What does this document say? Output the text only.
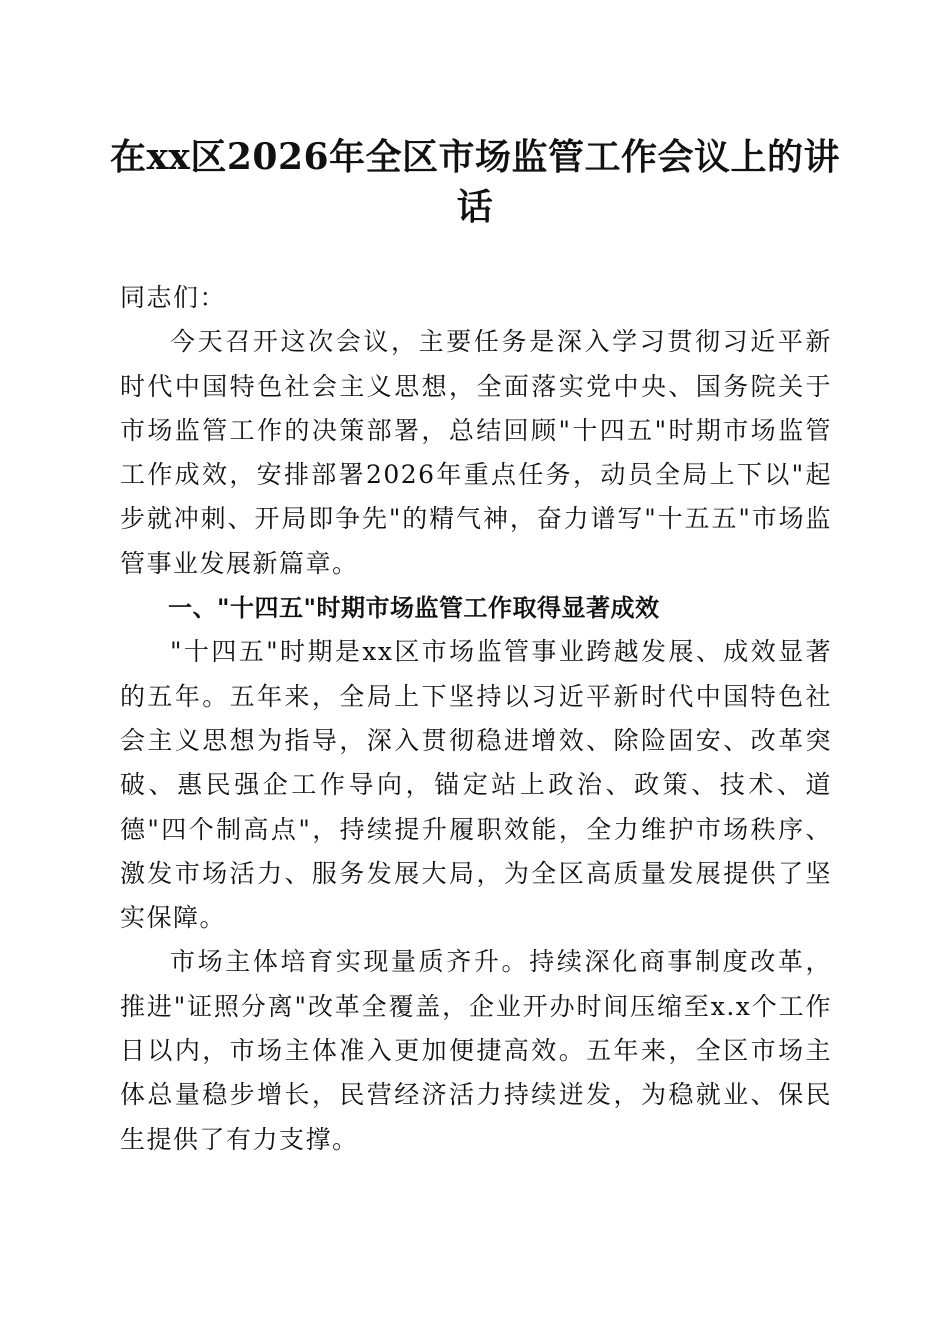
在xx区2026年全区市场监管工作会议上的讲话

同志们：

今天召开这次会议，主要任务是深入学习贯彻习近平新时代中国特色社会主义思想，全面落实党中央、国务院关于市场监管工作的决策部署，总结回顾"十四五"时期市场监管工作成效，安排部署2026年重点任务，动员全局上下以"起步就冲刺、开局即争先"的精气神，奋力谱写"十五五"市场监管事业发展新篇章。

一、"十四五"时期市场监管工作取得显著成效

"十四五"时期是xx区市场监管事业跨越发展、成效显著的五年。五年来，全局上下坚持以习近平新时代中国特色社会主义思想为指导，深入贯彻稳进增效、除险固安、改革突破、惠民强企工作导向，锚定站上政治、政策、技术、道德"四个制高点"，持续提升履职效能，全力维护市场秩序、激发市场活力、服务发展大局，为全区高质量发展提供了坚实保障。

市场主体培育实现量质齐升。持续深化商事制度改革，推进"证照分离"改革全覆盖，企业开办时间压缩至x.x个工作日以内，市场主体准入更加便捷高效。五年来，全区市场主体总量稳步增长，民营经济活力持续迸发，为稳就业、保民生提供了有力支撑。
